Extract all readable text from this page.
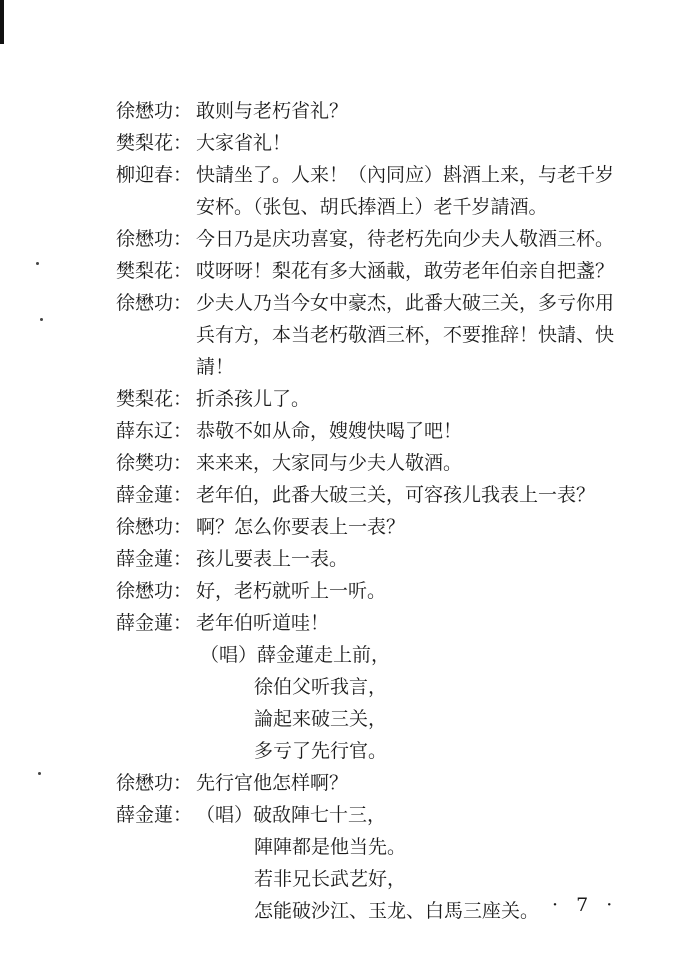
徐懋功： 敢则与老朽省礼？
樊梨花： 大家省礼！
柳迎春： 快請坐了。人来！（內同应）斟酒上来，与老千岁
安杯。（张包、胡氏捧酒上）老千岁請酒。
徐懋功： 今日乃是庆功喜宴，待老朽先向少夫人敬酒三杯。
樊梨花： 哎呀呀！梨花有多大涵載，敢劳老年伯亲自把盞？
徐懋功： 少夫人乃当今女中豪杰，此番大破三关，多亏你用
兵有方，本当老朽敬酒三杯，不要推辞！快請、快
請！
樊梨花： 折杀孩儿了。
薛东辽： 恭敬不如从命，嫂嫂快喝了吧！
徐樊功： 来来来，大家同与少夫人敬酒。
薛金蓮： 老年伯，此番大破三关，可容孩儿我表上一表？
徐懋功： 啊？怎么你要表上一表？
薛金蓮： 孩儿要表上一表。
徐懋功： 好，老朽就听上一听。
薛金蓮： 老年伯听道哇！
（唱）薛金蓮走上前，
徐伯父听我言，
論起来破三关，
多亏了先行官。
徐懋功： 先行官他怎样啊？
薛金蓮： （唱）破敌陣七十三，
陣陣都是他当先。
若非兄长武艺好，
怎能破沙江、玉龙、白馬三座关。 · 7 ·
